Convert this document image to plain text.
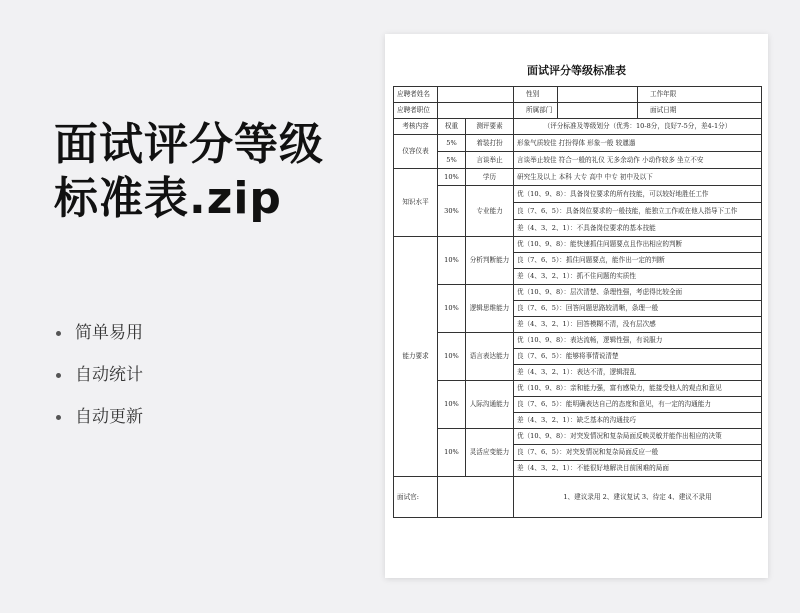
面试评分等级标准表.zip
简单易用
自动统计
自动更新
面试评分等级标准表
应聘者姓名			性别		工作年限
应聘者职位			所属部门		面试日期
考核内容	权重	测评要素	（评分标准及等级划分（优秀：10-8分，良好7-5分，差4-1分）		
仪容仪表	5%	着装打扮	形象气质较佳 打扮得体 形象一般 较邋遢		
	5%	言谈举止	言谈举止较佳 符合一般的礼仪 无多余动作 小动作较多 坐立不安		
知识水平	10%	学历	研究生及以上 本科 大专 高中 中专 初中及以下		
	30%	专业能力	优（10、9、8）：具备岗位要求的所有技能，可以较好地胜任工作		
			良（7、6、5）：具备岗位要求的一般技能，能独立工作或在他人指导下工作		
			差（4、3、2、1）：不具备岗位要求的基本技能		
能力要求	10%	分析判断能力	优（10、9、8）：能快速抓住问题要点且作出相应的判断		
			良（7、6、5）：抓住问题要点，能作出一定的判断		
			差（4、3、2、1）：抓不住问题的实质性		
	10%	逻辑思维能力	优（10、9、8）：层次清楚、条理性强，考虑得比较全面		
			良（7、6、5）：回答问题思路较清晰，条理一般		
			差（4、3、2、1）：回答模糊不清，没有层次感		
	10%	语言表达能力	优（10、9、8）：表达流畅，逻辑性强，有说服力		
			良（7、6、5）：能够将事情说清楚		
			差（4、3、2、1）：表达不清，逻辑混乱		
	10%	人际沟通能力	优（10、9、8）：亲和能力强，富有感染力，能接受他人的观点和意见		
			良（7、6、5）：能明确表达自己的态度和意见，有一定的沟通能力		
			差（4、3、2、1）：缺乏基本的沟通技巧		
	10%	灵活应变能力	优（10、9、8）：对突发情况和复杂局面反映灵敏并能作出相应的决策		
			良（7、6、5）：对突发情况和复杂局面反应一般		
			差（4、3、2、1）：不能很好地解决目前困难的局面		
面试官:			1、建议录用 2、建议复试 3、待定 4、建议不录用		
